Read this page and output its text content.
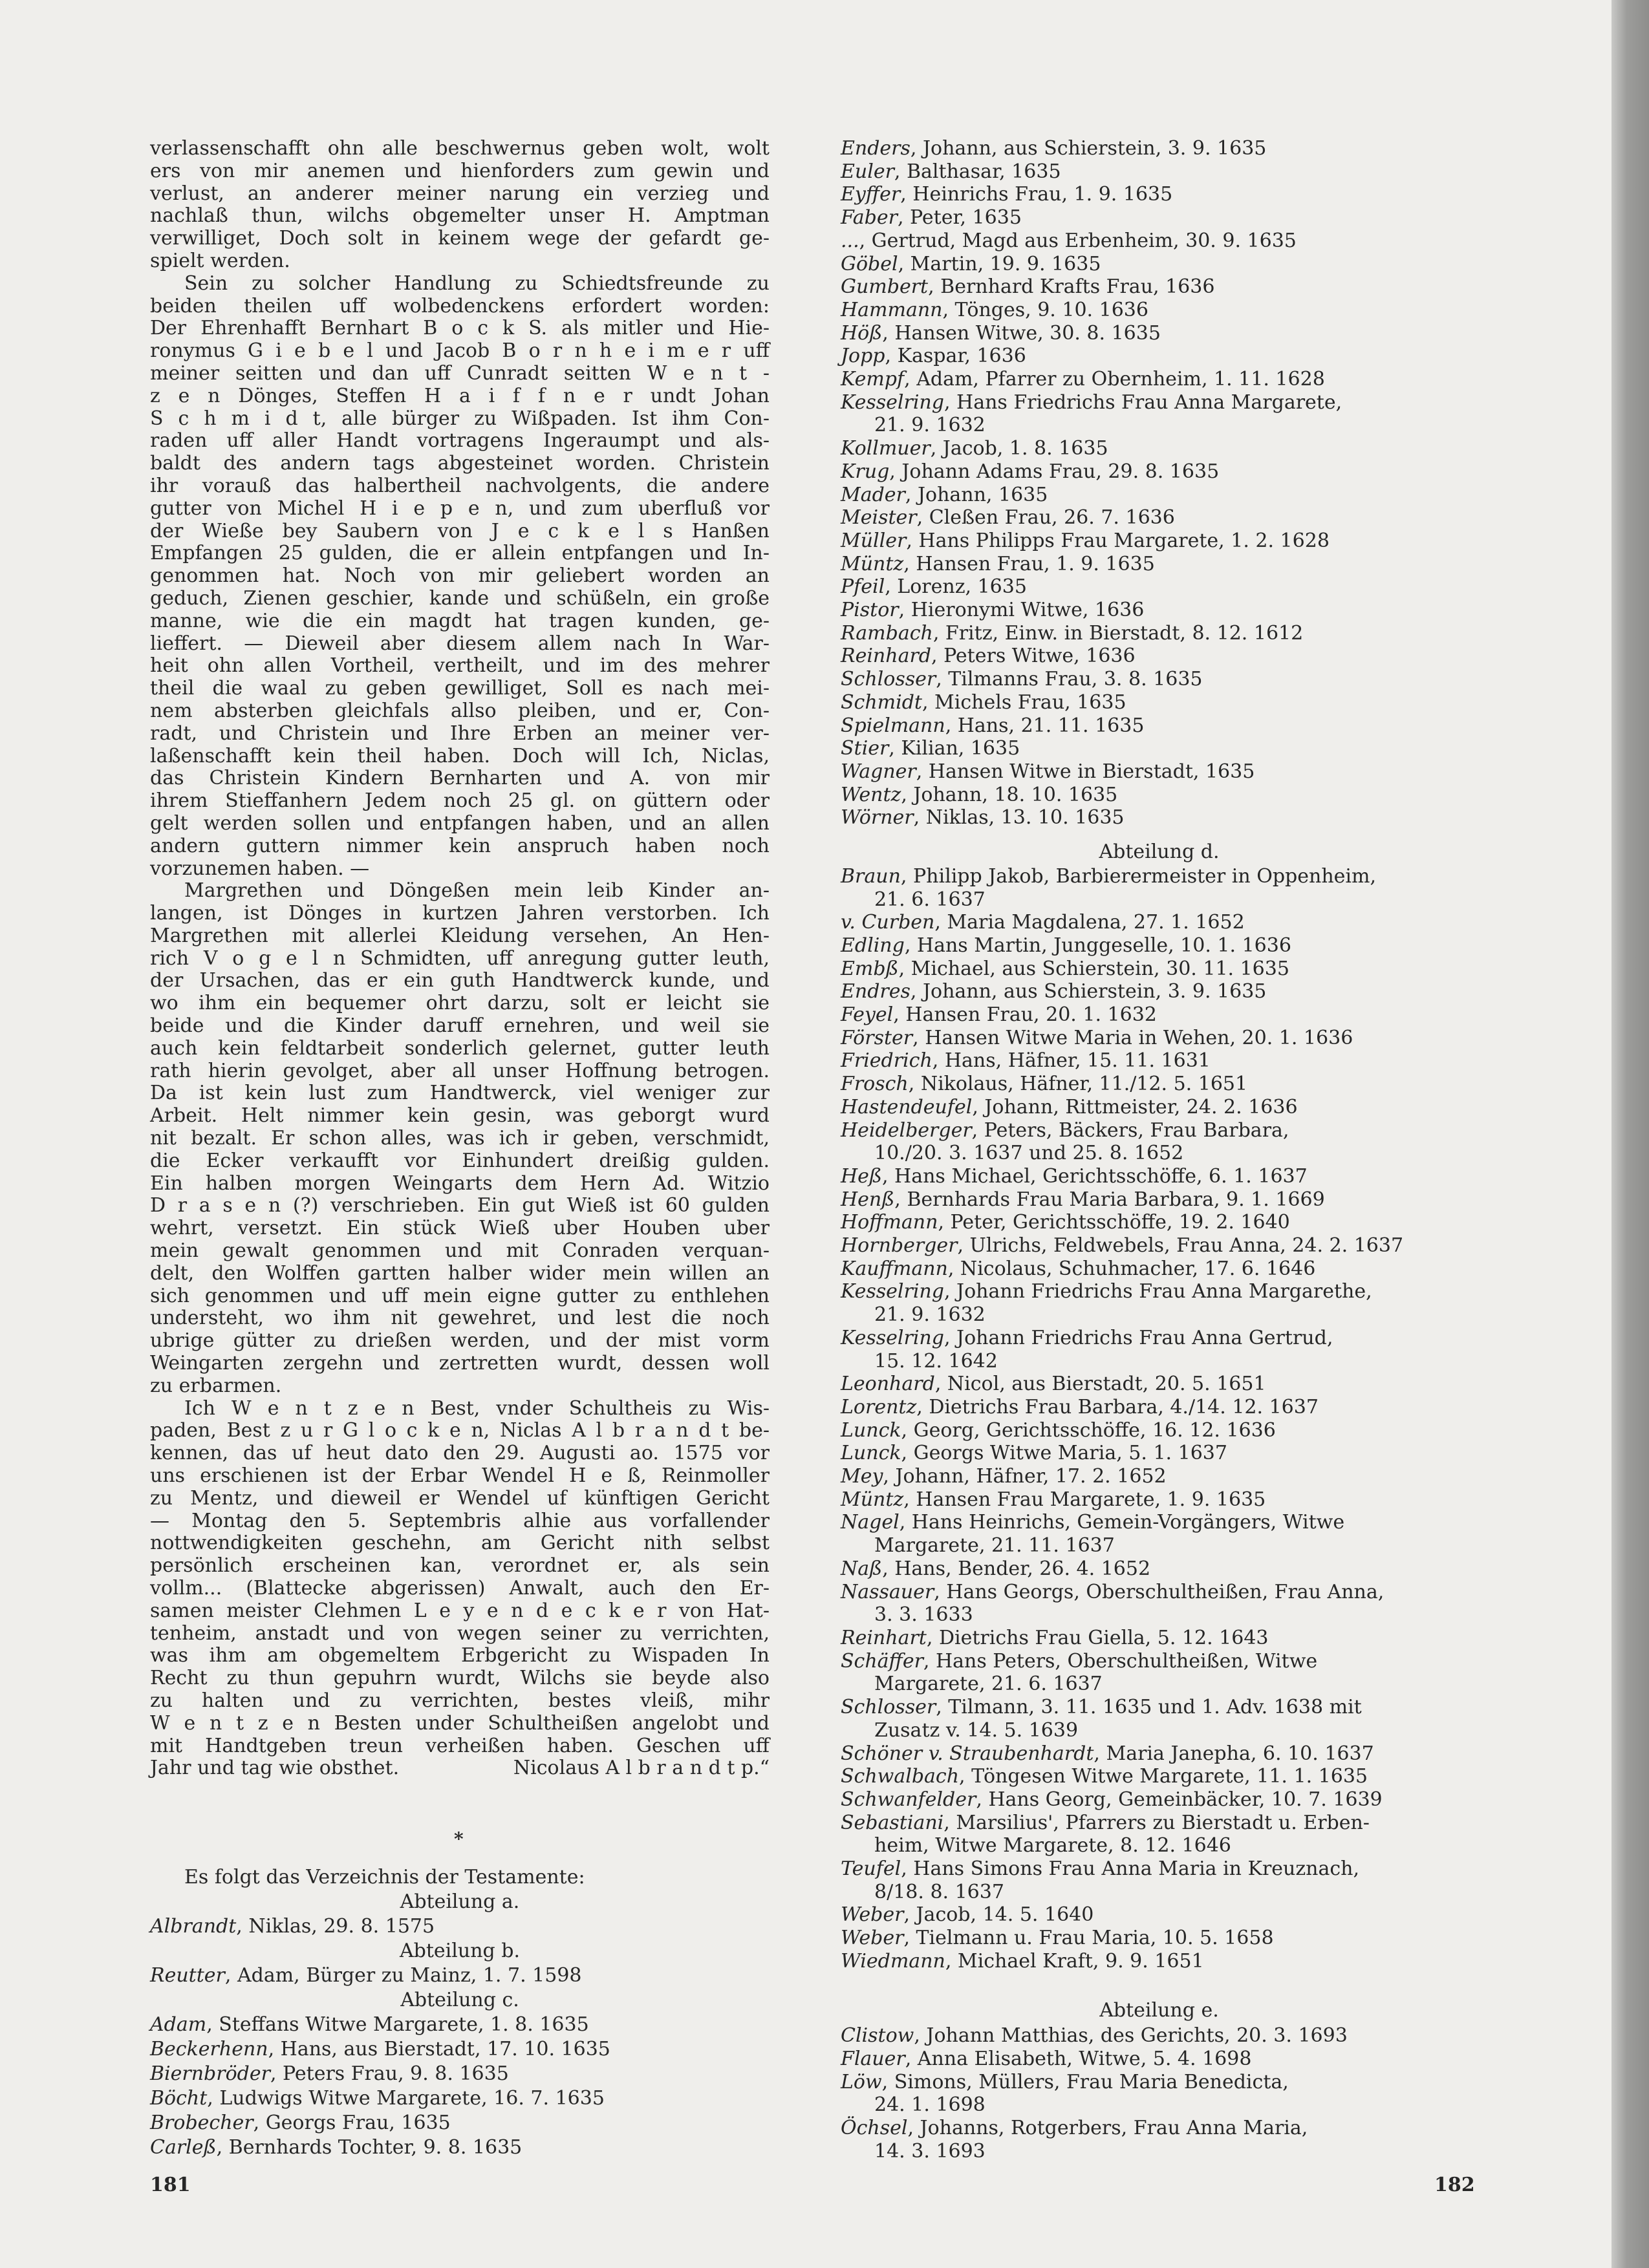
verlassenschafft ohn alle beschwernus geben wolt, wolt
ers von mir anemen und hienforders zum gewin und
verlust, an anderer meiner narung ein verzieg und
nachlaß thun, wilchs obgemelter unser H. Amptman
verwilliget, Doch solt in keinem wege der gefardt ge-
spielt werden.
Sein zu solcher Handlung zu Schiedtsfreunde zu
beiden theilen uff wolbedenckens erfordert worden:
Der Ehrenhafft Bernhart B o c k S. als mitler und Hie-
ronymus G i e b e l und Jacob B o r n h e i m e r uff
meiner seitten und dan uff Cunradt seitten W e n t -
z e n Dönges, Steffen H a i f f n e r undt Johan
S c h m i d t, alle bürger zu Wißpaden. Ist ihm Con-
raden uff aller Handt vortragens Ingeraumpt und als-
baldt des andern tags abgesteinet worden. Christein
ihr vorauß das halbertheil nachvolgents, die andere
gutter von Michel H i e p e n, und zum uberfluß vor
der Wieße bey Saubern von J e c k e l s Hanßen
Empfangen 25 gulden, die er allein entpfangen und In-
genommen hat. Noch von mir geliebert worden an
geduch, Zienen geschier, kande und schüßeln, ein große
manne, wie die ein magdt hat tragen kunden, ge-
lieffert. — Dieweil aber diesem allem nach In War-
heit ohn allen Vortheil, vertheilt, und im des mehrer
theil die waal zu geben gewilliget, Soll es nach mei-
nem absterben gleichfals allso pleiben, und er, Con-
radt, und Christein und Ihre Erben an meiner ver-
laßenschafft kein theil haben. Doch will Ich, Niclas,
das Christein Kindern Bernharten und A. von mir
ihrem Stieffanhern Jedem noch 25 gl. on güttern oder
gelt werden sollen und entpfangen haben, und an allen
andern guttern nimmer kein anspruch haben noch
vorzunemen haben. —
Margrethen und Döngeßen mein leib Kinder an-
langen, ist Dönges in kurtzen Jahren verstorben. Ich
Margrethen mit allerlei Kleidung versehen, An Hen-
rich V o g e l n Schmidten, uff anregung gutter leuth,
der Ursachen, das er ein guth Handtwerck kunde, und
wo ihm ein bequemer ohrt darzu, solt er leicht sie
beide und die Kinder daruff ernehren, und weil sie
auch kein feldtarbeit sonderlich gelernet, gutter leuth
rath hierin gevolget, aber all unser Hoffnung betrogen.
Da ist kein lust zum Handtwerck, viel weniger zur
Arbeit. Helt nimmer kein gesin, was geborgt wurd
nit bezalt. Er schon alles, was ich ir geben, verschmidt,
die Ecker verkaufft vor Einhundert dreißig gulden.
Ein halben morgen Weingarts dem Hern Ad. Witzio
D r a s e n (?) verschrieben. Ein gut Wieß ist 60 gulden
wehrt, versetzt. Ein stück Wieß uber Houben uber
mein gewalt genommen und mit Conraden verquan-
delt, den Wolffen gartten halber wider mein willen an
sich genommen und uff mein eigne gutter zu enthlehen
understeht, wo ihm nit gewehret, und lest die noch
ubrige gütter zu drießen werden, und der mist vorm
Weingarten zergehn und zertretten wurdt, dessen woll
zu erbarmen.
Ich W e n t z e n Best, vnder Schultheis zu Wis-
paden, Best z u r G l o c k e n, Niclas A l b r a n d t be-
kennen, das uf heut dato den 29. Augusti ao. 1575 vor
uns erschienen ist der Erbar Wendel H e ß, Reinmoller
zu Mentz, und dieweil er Wendel uf künftigen Gericht
— Montag den 5. Septembris alhie aus vorfallender
nottwendigkeiten geschehn, am Gericht nith selbst
persönlich erscheinen kan, verordnet er, als sein
vollm... (Blattecke abgerissen) Anwalt, auch den Er-
samen meister Clehmen L e y e n d e c k e r von Hat-
tenheim, anstadt und von wegen seiner zu verrichten,
was ihm am obgemeltem Erbgericht zu Wispaden In
Recht zu thun gepuhrn wurdt, Wilchs sie beyde also
zu halten und zu verrichten, bestes vleiß, mihr
W e n t z e n Besten under Schultheißen angelobt und
mit Handtgeben treun verheißen haben. Geschen uff
Jahr und tag wie obsthet.	Nicolaus A l b r a n d t p.“
*
Es folgt das Verzeichnis der Testamente:
Abteilung a.
Albrandt, Niklas, 29. 8. 1575
Abteilung b.
Reutter, Adam, Bürger zu Mainz, 1. 7. 1598
Abteilung c.
Adam, Steffans Witwe Margarete, 1. 8. 1635
Beckerhenn, Hans, aus Bierstadt, 17. 10. 1635
Biernbröder, Peters Frau, 9. 8. 1635
Böcht, Ludwigs Witwe Margarete, 16. 7. 1635
Brobecher, Georgs Frau, 1635
Carleß, Bernhards Tochter, 9. 8. 1635
Enders, Johann, aus Schierstein, 3. 9. 1635
Euler, Balthasar, 1635
Eyffer, Heinrichs Frau, 1. 9. 1635
Faber, Peter, 1635
..., Gertrud, Magd aus Erbenheim, 30. 9. 1635
Göbel, Martin, 19. 9. 1635
Gumbert, Bernhard Krafts Frau, 1636
Hammann, Tönges, 9. 10. 1636
Höß, Hansen Witwe, 30. 8. 1635
Jopp, Kaspar, 1636
Kempf, Adam, Pfarrer zu Obernheim, 1. 11. 1628
Kesselring, Hans Friedrichs Frau Anna Margarete,
21. 9. 1632
Kollmuer, Jacob, 1. 8. 1635
Krug, Johann Adams Frau, 29. 8. 1635
Mader, Johann, 1635
Meister, Cleßen Frau, 26. 7. 1636
Müller, Hans Philipps Frau Margarete, 1. 2. 1628
Müntz, Hansen Frau, 1. 9. 1635
Pfeil, Lorenz, 1635
Pistor, Hieronymi Witwe, 1636
Rambach, Fritz, Einw. in Bierstadt, 8. 12. 1612
Reinhard, Peters Witwe, 1636
Schlosser, Tilmanns Frau, 3. 8. 1635
Schmidt, Michels Frau, 1635
Spielmann, Hans, 21. 11. 1635
Stier, Kilian, 1635
Wagner, Hansen Witwe in Bierstadt, 1635
Wentz, Johann, 18. 10. 1635
Wörner, Niklas, 13. 10. 1635
Abteilung d.
Braun, Philipp Jakob, Barbierermeister in Oppenheim,
21. 6. 1637
v. Curben, Maria Magdalena, 27. 1. 1652
Edling, Hans Martin, Junggeselle, 10. 1. 1636
Embß, Michael, aus Schierstein, 30. 11. 1635
Endres, Johann, aus Schierstein, 3. 9. 1635
Feyel, Hansen Frau, 20. 1. 1632
Förster, Hansen Witwe Maria in Wehen, 20. 1. 1636
Friedrich, Hans, Häfner, 15. 11. 1631
Frosch, Nikolaus, Häfner, 11./12. 5. 1651
Hastendeufel, Johann, Rittmeister, 24. 2. 1636
Heidelberger, Peters, Bäckers, Frau Barbara,
10./20. 3. 1637 und 25. 8. 1652
Heß, Hans Michael, Gerichtsschöffe, 6. 1. 1637
Henß, Bernhards Frau Maria Barbara, 9. 1. 1669
Hoffmann, Peter, Gerichtsschöffe, 19. 2. 1640
Hornberger, Ulrichs, Feldwebels, Frau Anna, 24. 2. 1637
Kauffmann, Nicolaus, Schuhmacher, 17. 6. 1646
Kesselring, Johann Friedrichs Frau Anna Margarethe,
21. 9. 1632
Kesselring, Johann Friedrichs Frau Anna Gertrud,
15. 12. 1642
Leonhard, Nicol, aus Bierstadt, 20. 5. 1651
Lorentz, Dietrichs Frau Barbara, 4./14. 12. 1637
Lunck, Georg, Gerichtsschöffe, 16. 12. 1636
Lunck, Georgs Witwe Maria, 5. 1. 1637
Mey, Johann, Häfner, 17. 2. 1652
Müntz, Hansen Frau Margarete, 1. 9. 1635
Nagel, Hans Heinrichs, Gemein-Vorgängers, Witwe
Margarete, 21. 11. 1637
Naß, Hans, Bender, 26. 4. 1652
Nassauer, Hans Georgs, Oberschultheißen, Frau Anna,
3. 3. 1633
Reinhart, Dietrichs Frau Giella, 5. 12. 1643
Schäffer, Hans Peters, Oberschultheißen, Witwe
Margarete, 21. 6. 1637
Schlosser, Tilmann, 3. 11. 1635 und 1. Adv. 1638 mit
Zusatz v. 14. 5. 1639
Schöner v. Straubenhardt, Maria Janepha, 6. 10. 1637
Schwalbach, Töngesen Witwe Margarete, 11. 1. 1635
Schwanfelder, Hans Georg, Gemeinbäcker, 10. 7. 1639
Sebastiani, Marsilius', Pfarrers zu Bierstadt u. Erben-
heim, Witwe Margarete, 8. 12. 1646
Teufel, Hans Simons Frau Anna Maria in Kreuznach,
8/18. 8. 1637
Weber, Jacob, 14. 5. 1640
Weber, Tielmann u. Frau Maria, 10. 5. 1658
Wiedmann, Michael Kraft, 9. 9. 1651
Abteilung e.
Clistow, Johann Matthias, des Gerichts, 20. 3. 1693
Flauer, Anna Elisabeth, Witwe, 5. 4. 1698
Löw, Simons, Müllers, Frau Maria Benedicta,
24. 1. 1698
Öchsel, Johanns, Rotgerbers, Frau Anna Maria,
14. 3. 1693
181	182
